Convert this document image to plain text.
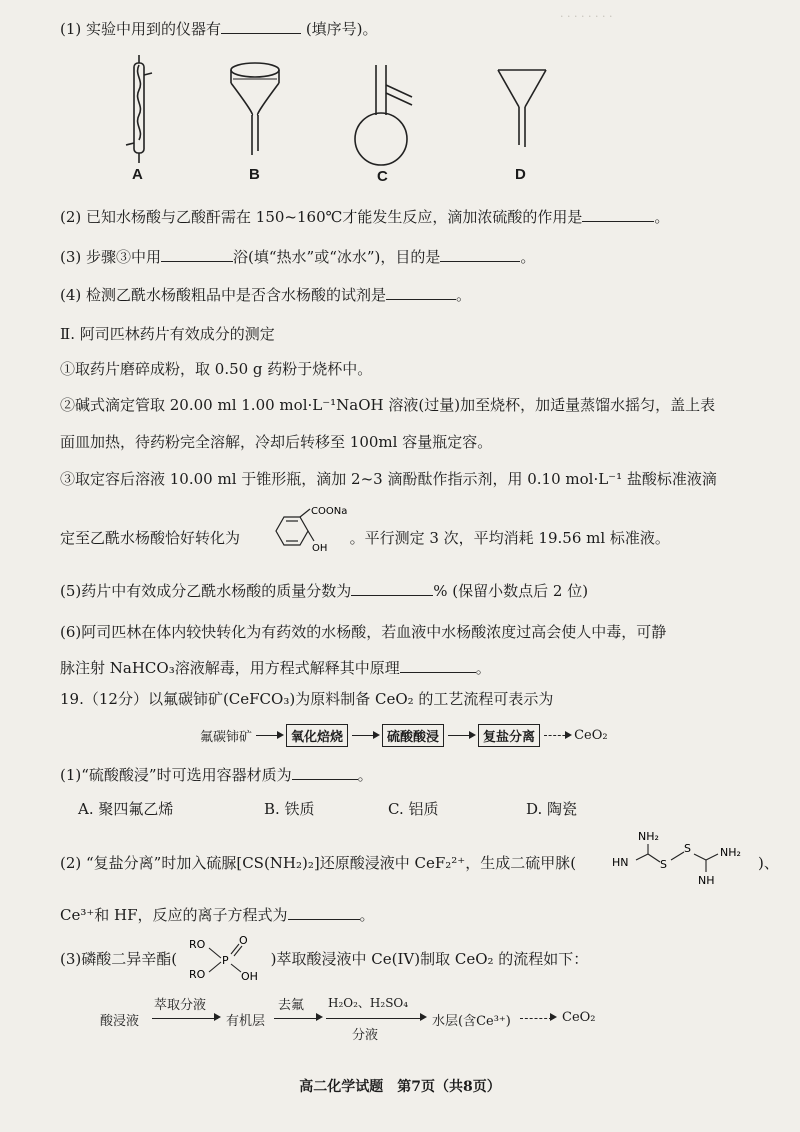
· · · · · · · ·
(1) 实验中用到的仪器有	(填序号)。
A	B	C	D
(2) 已知水杨酸与乙酸酐需在 150~160℃才能发生反应，滴加浓硫酸的作用是	。
(3) 步骤③中用	浴(填“热水”或“冰水”)，目的是	。
(4) 检测乙酰水杨酸粗品中是否含水杨酸的试剂是	。
Ⅱ. 阿司匹林药片有效成分的测定
①取药片磨碎成粉，取 0.50 g 药粉于烧杯中。
②碱式滴定管取 20.00 ml 1.00 mol·L⁻¹NaOH 溶液(过量)加至烧杯，加适量蒸馏水摇匀，盖上表
面皿加热，待药粉完全溶解，冷却后转移至 100ml 容量瓶定容。
③取定容后溶液 10.00 ml 于锥形瓶，滴加 2~3 滴酚酞作指示剂，用 0.10 mol·L⁻¹ 盐酸标准液滴
定至乙酰水杨酸恰好转化为	。平行测定 3 次，平均消耗 19.56 ml 标准液。
COONa
OH
(5)药片中有效成分乙酰水杨酸的质量分数为	% (保留小数点后 2 位)
(6)阿司匹林在体内较快转化为有药效的水杨酸，若血液中水杨酸浓度过高会使人中毒，可静
脉注射 NaHCO₃溶液解毒，用方程式解释其中原理	。
19.（12分）以氟碳铈矿(CeFCO₃)为原料制备 CeO₂ 的工艺流程可表示为
氟碳铈矿	氧化焙烧	硫酸酸浸	复盐分离	CeO₂
(1)“硫酸酸浸”时可选用容器材质为	。
A. 聚四氟乙烯	B. 铁质	C. 铝质	D. 陶瓷
(2) “复盐分离”时加入硫脲[CS(NH₂)₂]还原酸浸液中 CeF₂²⁺，生成二硫甲脒(
NH₂
HN	S
S	NH₂
NH
)、
Ce³⁺和 HF，反应的离子方程式为	。
(3)磷酸二异辛酯(	)萃取酸浸液中 Ce(IV)制取 CeO₂ 的流程如下：
RO
RO
P
O
OH
酸浸液
萃取分液
有机层
去氟 H₂O₂、H₂SO₄
分液
水层(含Ce³⁺)	CeO₂
高二化学试题　第7页（共8页）
